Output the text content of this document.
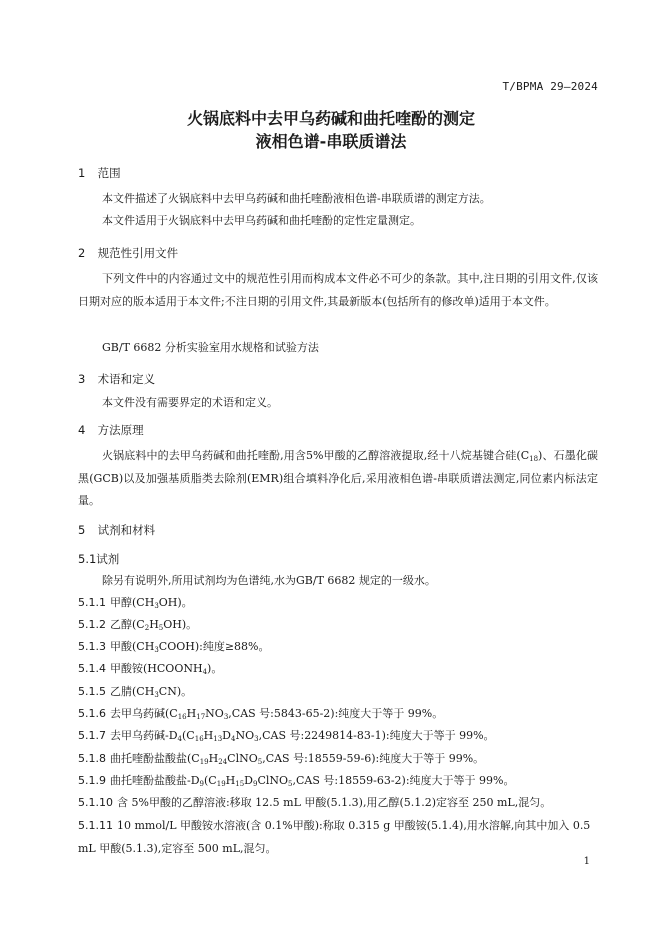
T/BPMA 29—2024
火锅底料中去甲乌药碱和曲托喹酚的测定
液相色谱-串联质谱法
1 范围
本文件描述了火锅底料中去甲乌药碱和曲托喹酚液相色谱-串联质谱的测定方法。
本文件适用于火锅底料中去甲乌药碱和曲托喹酚的定性定量测定。
2 规范性引用文件
下列文件中的内容通过文中的规范性引用而构成本文件必不可少的条款。其中,注日期的引用文件,仅该日期对应的版本适用于本文件;不注日期的引用文件,其最新版本(包括所有的修改单)适用于本文件。
GB/T 6682 分析实验室用水规格和试验方法
3 术语和定义
本文件没有需要界定的术语和定义。
4 方法原理
火锅底料中的去甲乌药碱和曲托喹酚,用含5%甲酸的乙醇溶液提取,经十八烷基键合硅$(C_{18})$、石墨化碳黑(GCB)以及加强基质脂类去除剂(EMR)组合填料净化后,采用液相色谱-串联质谱法测定,同位素内标法定量。
5 试剂和材料
5.1试剂
除另有说明外,所用试剂均为色谱纯,水为GB/T 6682 规定的一级水。
5.1.1 甲醇$(CH_3OH)$。
5.1.2 乙醇$(C_2H_5OH)$。
5.1.3 甲酸$(CH_3COOH)$:纯度≥88%。
5.1.4 甲酸铵$(HCOONH_4)$。
5.1.5 乙腈$(CH_3CN)$。
5.1.6 去甲乌药碱($C_{16}H_{17}NO_3,CAS$ 号:5843-65-2):纯度大于等于 99%。
5.1.7 去甲乌药碱$-D_4(C_{16}H_{13}D_4NO_3,CAS$ 号:2249814-83-1):纯度大于等于 99%。
5.1.8 曲托喹酚盐酸盐($C_{19}H_{24}ClNO_5,CAS$ 号:18559-59-6):纯度大于等于 99%。
5.1.9 曲托喹酚盐酸盐$-D_9(C_{19}H_{15}D_9ClNO_5,CAS$ 号:18559-63-2):纯度大于等于 99%。
5.1.10 含 5%甲酸的乙醇溶液:移取 12.5 mL 甲酸(5.1.3),用乙醇(5.1.2)定容至 250 mL,混匀。
5.1.11 10 mmol/L 甲酸铵水溶液(含 0.1%甲酸):称取 0.315 g 甲酸铵(5.1.4),用水溶解,向其中加入 0.5 mL 甲酸(5.1.3),定容至 500 mL,混匀。
1
